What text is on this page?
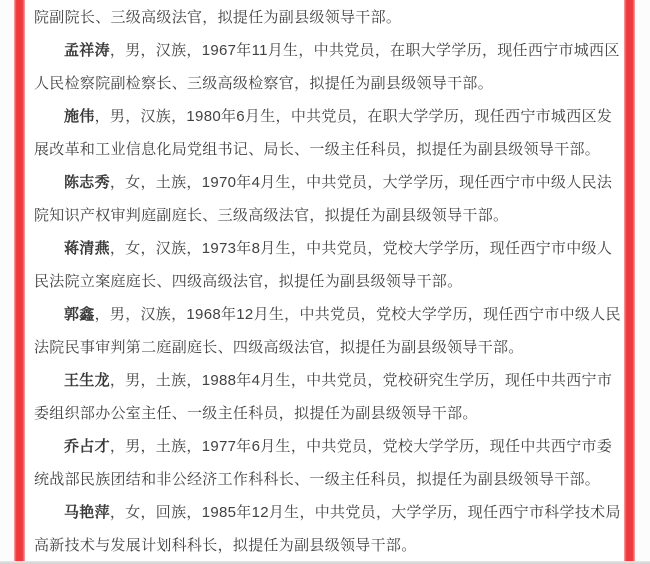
院副院长、三级高级法官，拟提任为副县级领导干部。

孟祥涛，男，汉族，1967年11月生，中共党员，在职大学学历，现任西宁市城西区人民检察院副检察长、三级高级检察官，拟提任为副县级领导干部。

施伟，男，汉族，1980年6月生，中共党员，在职大学学历，现任西宁市城西区发展改革和工业信息化局党组书记、局长、一级主任科员，拟提任为副县级领导干部。

陈志秀，女，土族，1970年4月生，中共党员，大学学历，现任西宁市中级人民法院知识产权审判庭副庭长、三级高级法官，拟提任为副县级领导干部。

蒋清燕，女，汉族，1973年8月生，中共党员，党校大学学历，现任西宁市中级人民法院立案庭庭长、四级高级法官，拟提任为副县级领导干部。

郭鑫，男，汉族，1968年12月生，中共党员，党校大学学历，现任西宁市中级人民法院民事审判第二庭副庭长、四级高级法官，拟提任为副县级领导干部。

王生龙，男，土族，1988年4月生，中共党员，党校研究生学历，现任中共西宁市委组织部办公室主任、一级主任科员，拟提任为副县级领导干部。

乔占才，男，土族，1977年6月生，中共党员，党校大学学历，现任中共西宁市委统战部民族团结和非公经济工作科科长、一级主任科员，拟提任为副县级领导干部。

马艳萍，女，回族，1985年12月生，中共党员，大学学历，现任西宁市科学技术局高新技术与发展计划科科长，拟提任为副县级领导干部。
